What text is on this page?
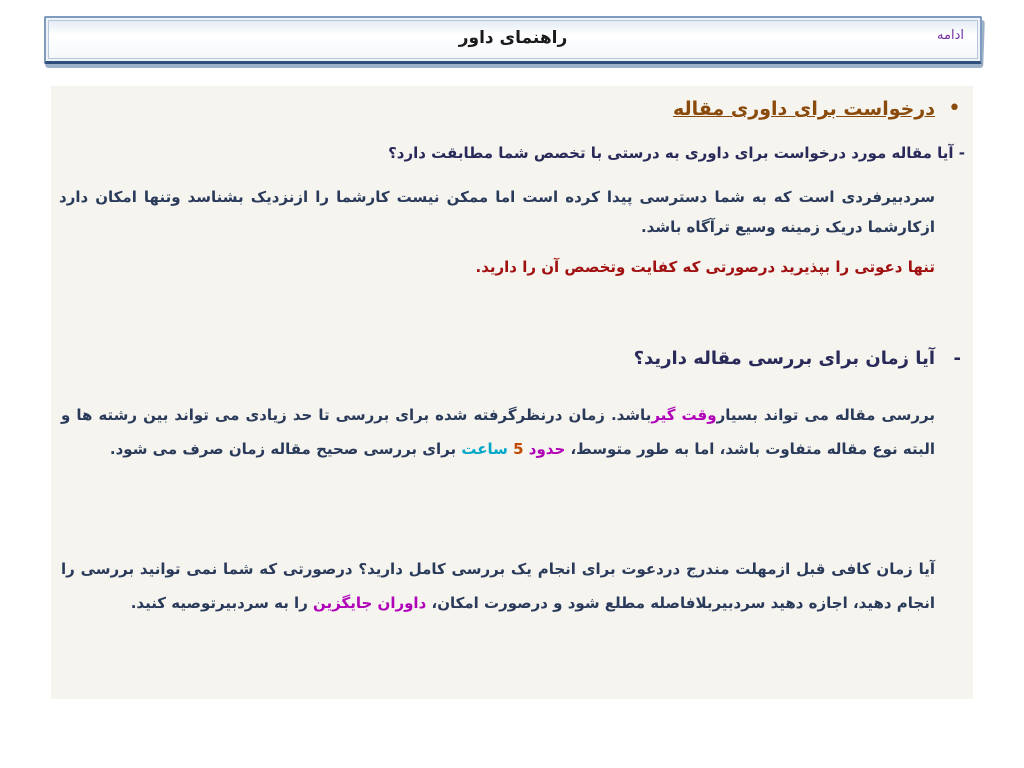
راهنمای داور	ادامه
•
درخواست برای داوری مقاله
- آیا مقاله مورد درخواست برای داوری به درستی با تخصص شما مطابقت دارد؟
سردبیرفردی است که به شما دسترسی پیدا کرده است اما ممکن نیست کارشما را ازنزدیک بشناسد وتنها امکان دارد ازکارشما دریک زمینه وسیع ترآگاه باشد.
تنها دعوتی را بپذیرید درصورتی که کفایت وتخصص آن را دارید.
-
آیا زمان برای بررسی مقاله دارید؟
بررسی مقاله می تواند بسیاروقت گیرباشد. زمان درنظرگرفته شده برای بررسی تا حد زیادی می تواند بین رشته ها و البته نوع مقاله متفاوت باشد، اما به طور متوسط، حدود 5 ساعت برای بررسی صحیح مقاله زمان صرف می شود.
آیا زمان کافی قبل ازمهلت مندرج دردعوت برای انجام یک بررسی کامل دارید؟ درصورتی که شما نمی توانید بررسی را انجام دهید، اجازه دهید سردبیربلافاصله مطلع شود و درصورت امکان، داوران جایگزین را به سردبیرتوصیه کنید.
